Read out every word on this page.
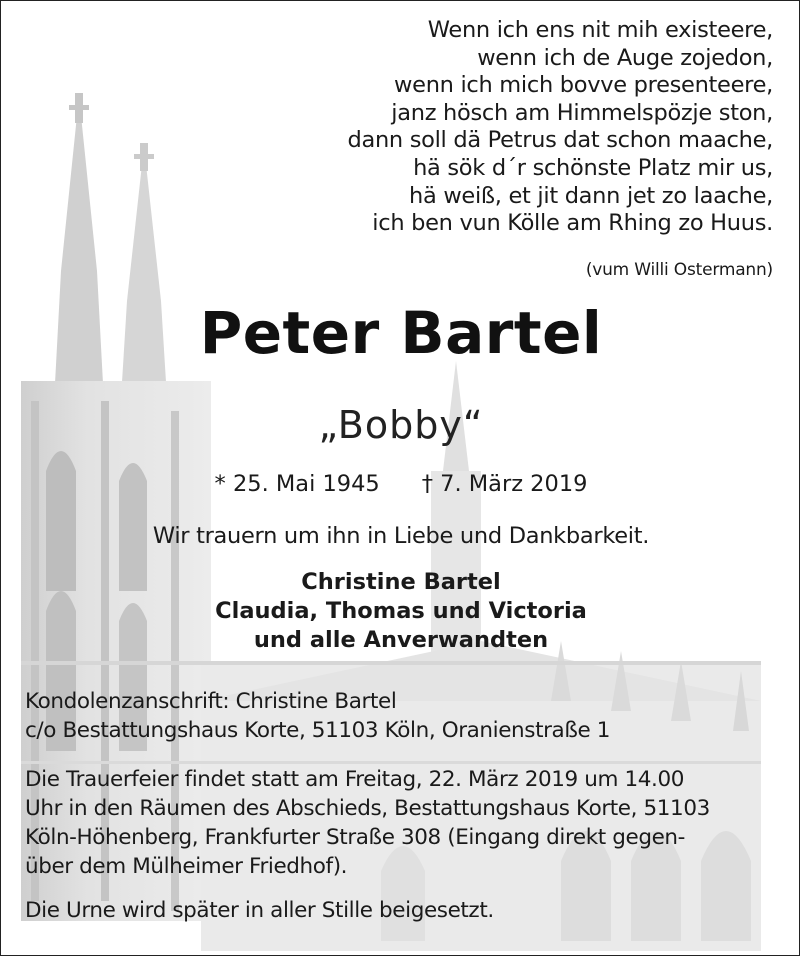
Wenn ich ens nit mih existeere,
wenn ich de Auge zojedon,
wenn ich mich bovve presenteere,
janz hösch am Himmelspözje ston,
dann soll dä Petrus dat schon maache,
hä sök d´r schönste Platz mir us,
hä weiß, et jit dann jet zo laache,
ich ben vun Kölle am Rhing zo Huus.
(vum Willi Ostermann)
Peter Bartel
„Bobby“
* 25. Mai 1945 † 7. März 2019
Wir trauern um ihn in Liebe und Dankbarkeit.
Christine Bartel
Claudia, Thomas und Victoria
und alle Anverwandten
Kondolenzanschrift: Christine Bartel
c/o Bestattungshaus Korte, 51103 Köln, Oranienstraße 1
Die Trauerfeier findet statt am Freitag, 22. März 2019 um 14.00
Uhr in den Räumen des Abschieds, Bestattungshaus Korte, 51103
Köln-Höhenberg, Frankfurter Straße 308 (Eingang direkt gegen-
über dem Mülheimer Friedhof).
Die Urne wird später in aller Stille beigesetzt.
